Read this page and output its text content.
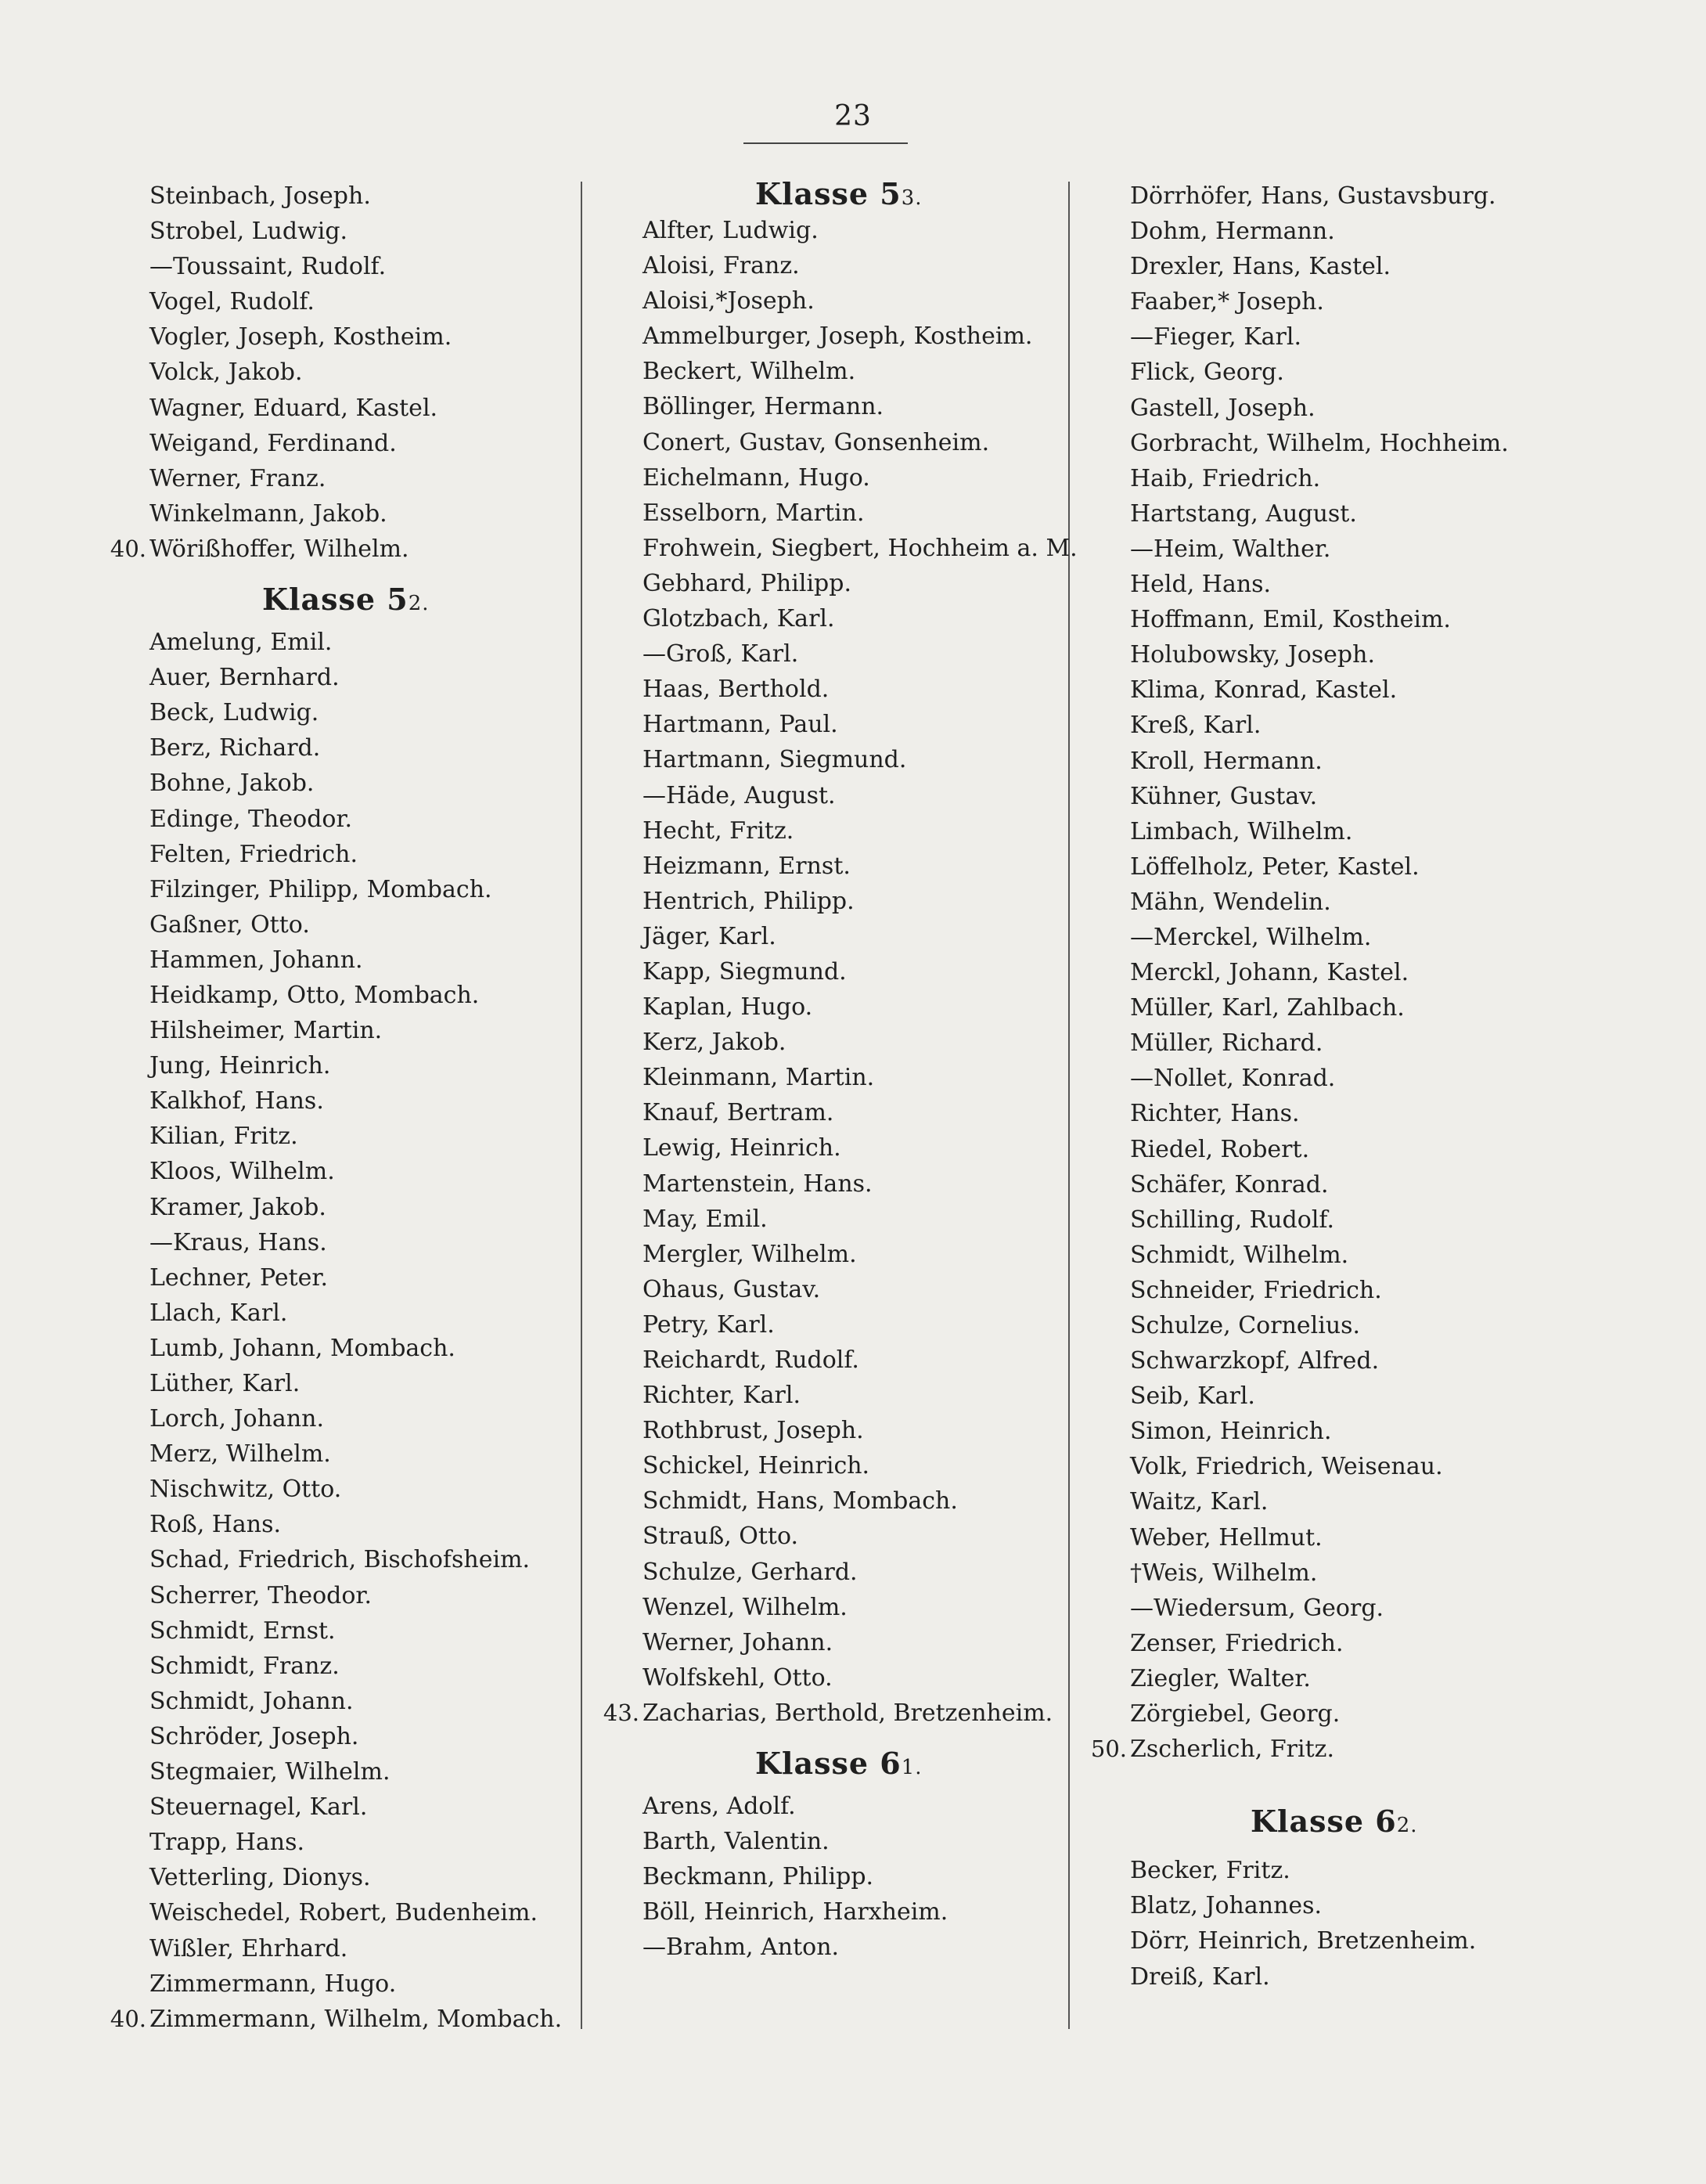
23
Steinbach, Joseph.
Strobel, Ludwig.
—Toussaint, Rudolf.
Vogel, Rudolf.
Vogler, Joseph, Kostheim.
Volck, Jakob.
Wagner, Eduard, Kastel.
Weigand, Ferdinand.
Werner, Franz.
Winkelmann, Jakob.
40. Wörißhoffer, Wilhelm.
Klasse 52.
Amelung, Emil.
Auer, Bernhard.
Beck, Ludwig.
Berz, Richard.
Bohne, Jakob.
Edinge, Theodor.
Felten, Friedrich.
Filzinger, Philipp, Mombach.
Gaßner, Otto.
Hammen, Johann.
Heidkamp, Otto, Mombach.
Hilsheimer, Martin.
Jung, Heinrich.
Kalkhof, Hans.
Kilian, Fritz.
Kloos, Wilhelm.
Kramer, Jakob.
—Kraus, Hans.
Lechner, Peter.
Llach, Karl.
Lumb, Johann, Mombach.
Lüther, Karl.
Lorch, Johann.
Merz, Wilhelm.
Nischwitz, Otto.
Roß, Hans.
Schad, Friedrich, Bischofsheim.
Scherrer, Theodor.
Schmidt, Ernst.
Schmidt, Franz.
Schmidt, Johann.
Schröder, Joseph.
Stegmaier, Wilhelm.
Steuernagel, Karl.
Trapp, Hans.
Vetterling, Dionys.
Weischedel, Robert, Budenheim.
Wißler, Ehrhard.
Zimmermann, Hugo.
40. Zimmermann, Wilhelm, Mombach.
Klasse 53.
Alfter, Ludwig.
Aloisi, Franz.
Aloisi,*Joseph.
Ammelburger, Joseph, Kostheim.
Beckert, Wilhelm.
Böllinger, Hermann.
Conert, Gustav, Gonsenheim.
Eichelmann, Hugo.
Esselborn, Martin.
Frohwein, Siegbert, Hochheim a. M.
Gebhard, Philipp.
Glotzbach, Karl.
—Groß, Karl.
Haas, Berthold.
Hartmann, Paul.
Hartmann, Siegmund.
—Häde, August.
Hecht, Fritz.
Heizmann, Ernst.
Hentrich, Philipp.
Jäger, Karl.
Kapp, Siegmund.
Kaplan, Hugo.
Kerz, Jakob.
Kleinmann, Martin.
Knauf, Bertram.
Lewig, Heinrich.
Martenstein, Hans.
May, Emil.
Mergler, Wilhelm.
Ohaus, Gustav.
Petry, Karl.
Reichardt, Rudolf.
Richter, Karl.
Rothbrust, Joseph.
Schickel, Heinrich.
Schmidt, Hans, Mombach.
Strauß, Otto.
Schulze, Gerhard.
Wenzel, Wilhelm.
Werner, Johann.
Wolfskehl, Otto.
43. Zacharias, Berthold, Bretzenheim.
Klasse 61.
Arens, Adolf.
Barth, Valentin.
Beckmann, Philipp.
Böll, Heinrich, Harxheim.
—Brahm, Anton.
Dörrhöfer, Hans, Gustavsburg.
Dohm, Hermann.
Drexler, Hans, Kastel.
Faaber,* Joseph.
—Fieger, Karl.
Flick, Georg.
Gastell, Joseph.
Gorbracht, Wilhelm, Hochheim.
Haib, Friedrich.
Hartstang, August.
—Heim, Walther.
Held, Hans.
Hoffmann, Emil, Kostheim.
Holubowsky, Joseph.
Klima, Konrad, Kastel.
Kreß, Karl.
Kroll, Hermann.
Kühner, Gustav.
Limbach, Wilhelm.
Löffelholz, Peter, Kastel.
Mähn, Wendelin.
—Merckel, Wilhelm.
Merckl, Johann, Kastel.
Müller, Karl, Zahlbach.
Müller, Richard.
—Nollet, Konrad.
Richter, Hans.
Riedel, Robert.
Schäfer, Konrad.
Schilling, Rudolf.
Schmidt, Wilhelm.
Schneider, Friedrich.
Schulze, Cornelius.
Schwarzkopf, Alfred.
Seib, Karl.
Simon, Heinrich.
Volk, Friedrich, Weisenau.
Waitz, Karl.
Weber, Hellmut.
†Weis, Wilhelm.
—Wiedersum, Georg.
Zenser, Friedrich.
Ziegler, Walter.
Zörgiebel, Georg.
50. Zscherlich, Fritz.
Klasse 62.
Becker, Fritz.
Blatz, Johannes.
Dörr, Heinrich, Bretzenheim.
Dreiß, Karl.
